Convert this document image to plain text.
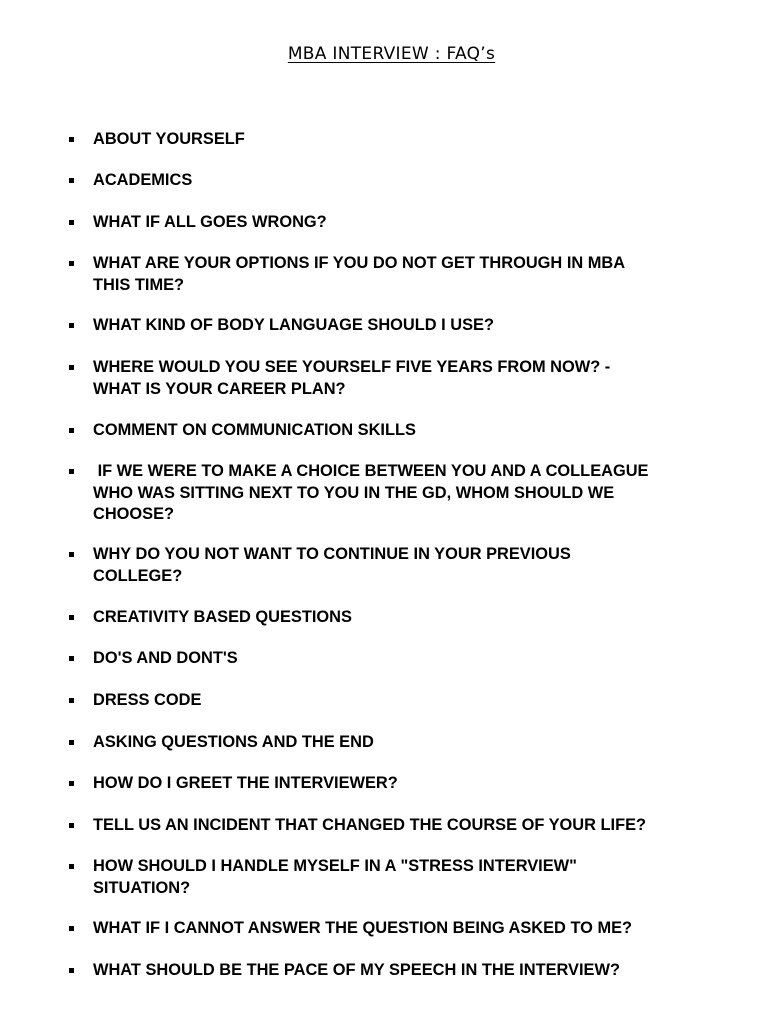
MBA INTERVIEW : FAQ’s
ABOUT YOURSELF
ACADEMICS
WHAT IF ALL GOES WRONG?
WHAT ARE YOUR OPTIONS IF YOU DO NOT GET THROUGH IN MBA
THIS TIME?
WHAT KIND OF BODY LANGUAGE SHOULD I USE?
WHERE WOULD YOU SEE YOURSELF FIVE YEARS FROM NOW? -
WHAT IS YOUR CAREER PLAN?
COMMENT ON COMMUNICATION SKILLS
IF WE WERE TO MAKE A CHOICE BETWEEN YOU AND A COLLEAGUE
WHO WAS SITTING NEXT TO YOU IN THE GD, WHOM SHOULD WE
CHOOSE?
WHY DO YOU NOT WANT TO CONTINUE IN YOUR PREVIOUS
COLLEGE?
CREATIVITY BASED QUESTIONS
DO'S AND DONT'S
DRESS CODE
ASKING QUESTIONS AND THE END
HOW DO I GREET THE INTERVIEWER?
TELL US AN INCIDENT THAT CHANGED THE COURSE OF YOUR LIFE?
HOW SHOULD I HANDLE MYSELF IN A "STRESS INTERVIEW"
SITUATION?
WHAT IF I CANNOT ANSWER THE QUESTION BEING ASKED TO ME?
WHAT SHOULD BE THE PACE OF MY SPEECH IN THE INTERVIEW?
